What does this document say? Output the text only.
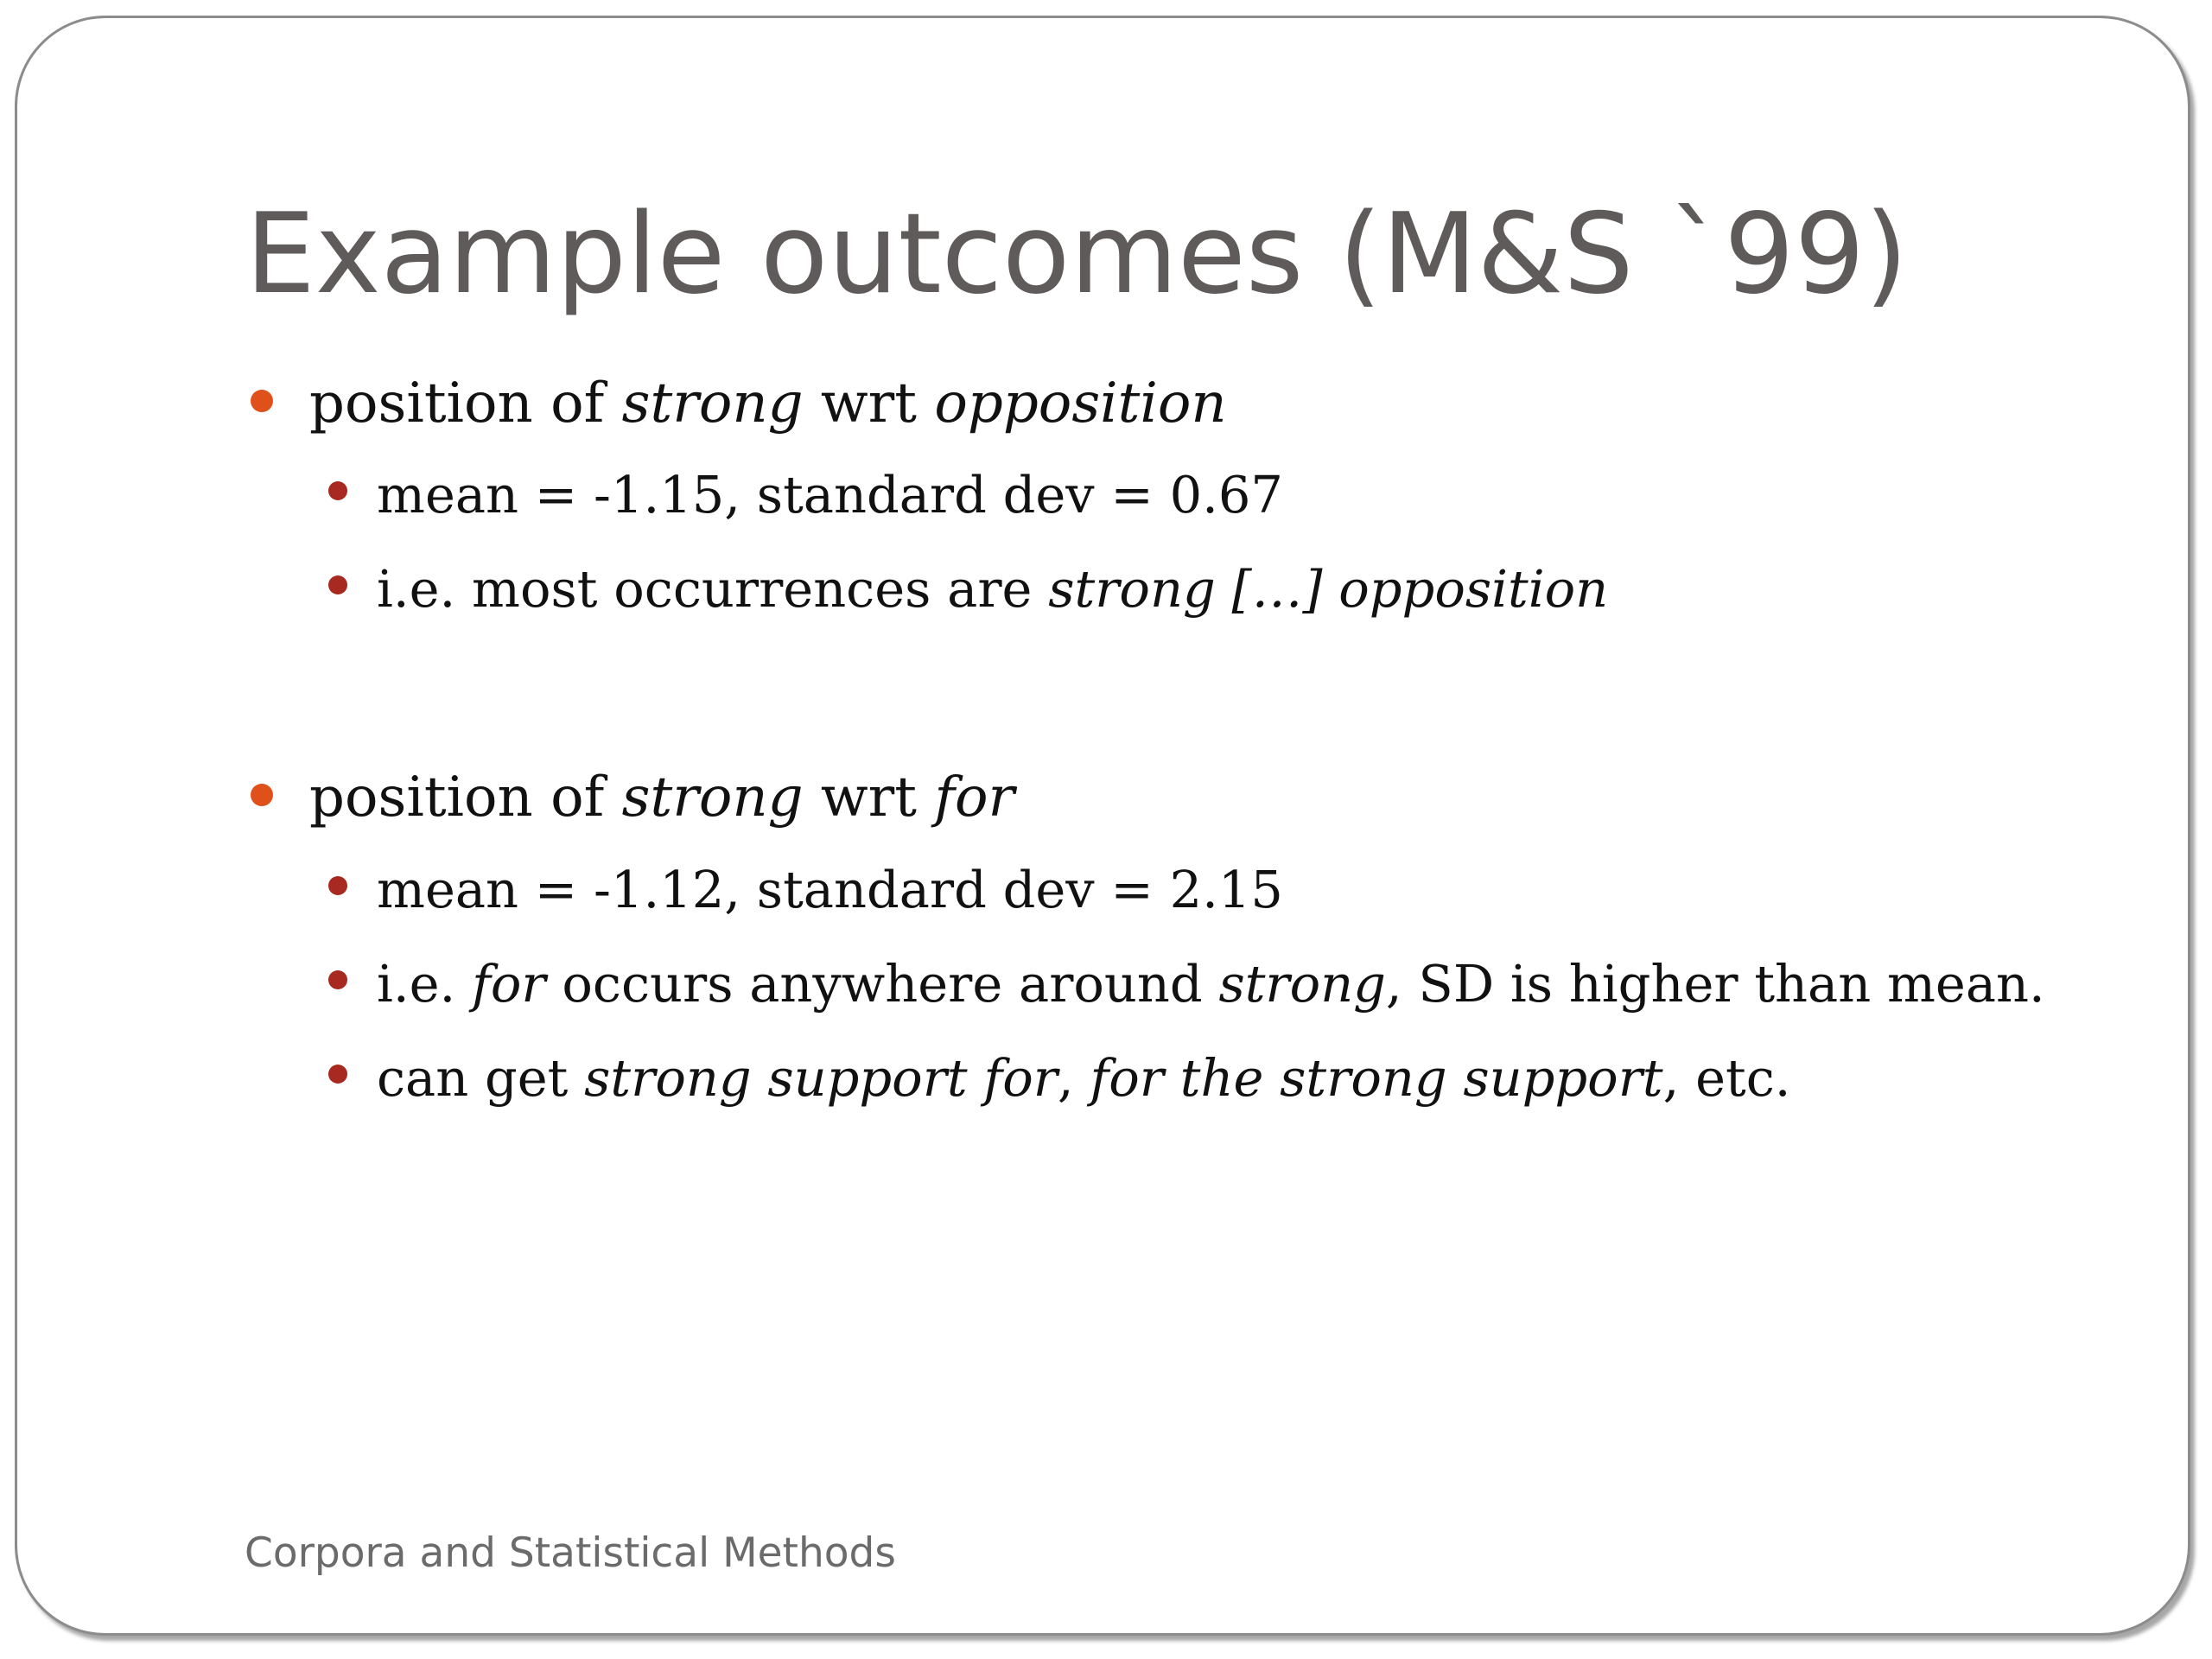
Example outcomes (M&S `99)
position of strong wrt opposition
mean = -1.15, standard dev = 0.67
i.e. most occurrences are strong […] opposition
position of strong wrt for
mean = -1.12, standard dev = 2.15
i.e. for occurs anywhere around strong, SD is higher than mean.
can get strong support for, for the strong support, etc.
Corpora and Statistical Methods
